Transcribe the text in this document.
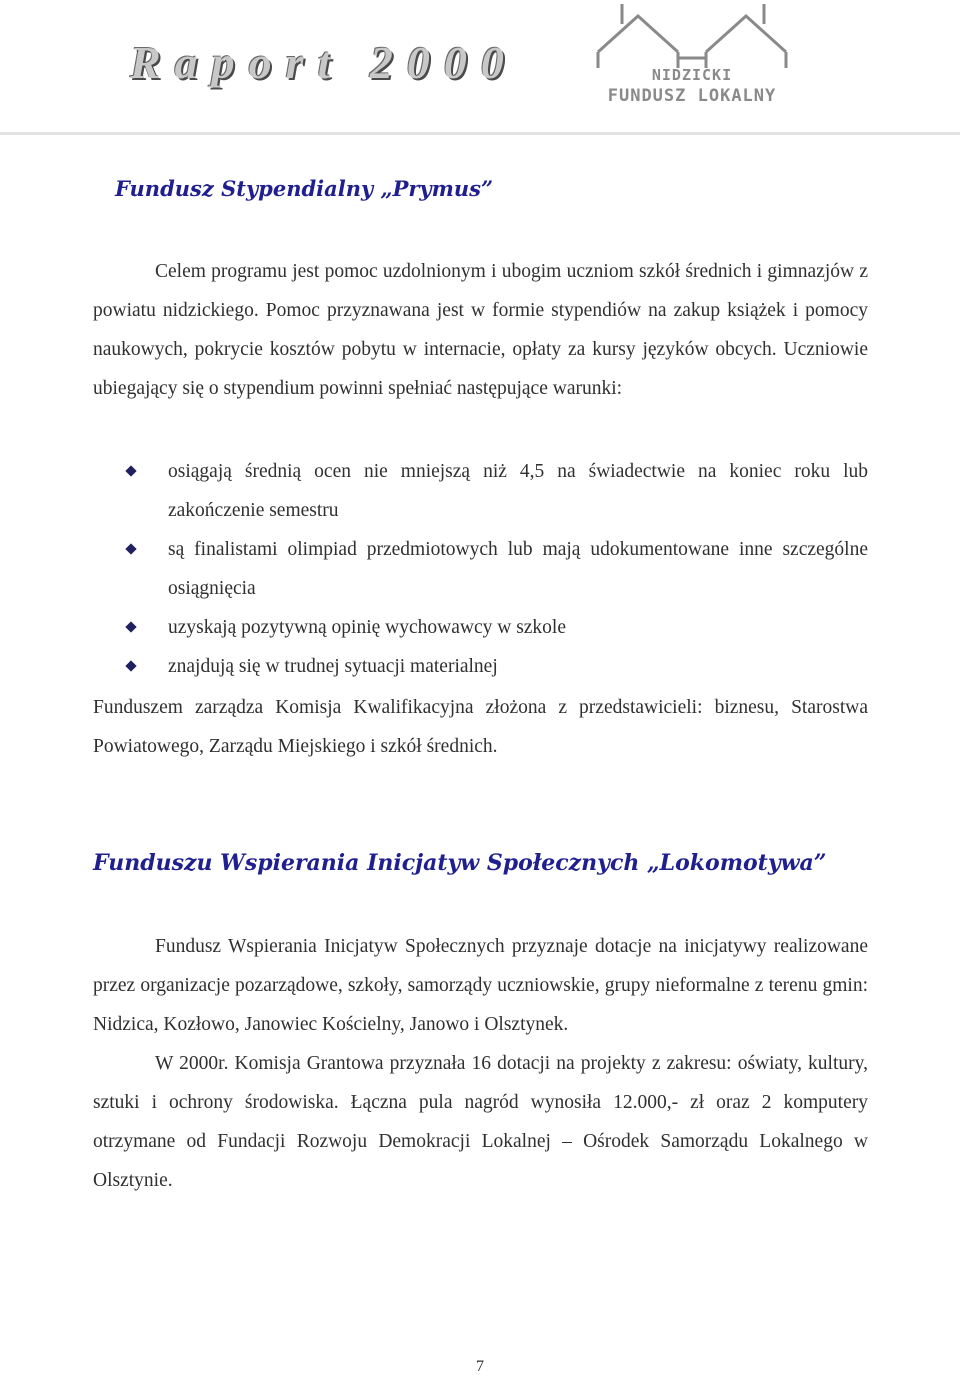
Raport 2000	NIDZICKI
FUNDUSZ LOKALNY
Fundusz Stypendialny „Prymus”

Celem programu jest pomoc uzdolnionym i ubogim uczniom szkół średnich i gimnazjów z powiatu nidzickiego. Pomoc przyznawana jest w formie stypendiów na zakup książek i pomocy naukowych, pokrycie kosztów pobytu w internacie, opłaty za kursy języków obcych. Uczniowie ubiegający się o stypendium powinni spełniać następujące warunki:

osiągają średnią ocen nie mniejszą niż 4,5 na świadectwie na koniec roku lub zakończenie semestru
są finalistami olimpiad przedmiotowych lub mają udokumentowane inne szczególne osiągnięcia
uzyskają pozytywną opinię wychowawcy w szkole
znajdują się w trudnej sytuacji materialnej

Funduszem zarządza Komisja Kwalifikacyjna złożona z przedstawicieli: biznesu, Starostwa Powiatowego, Zarządu Miejskiego i szkół średnich.

Funduszu Wspierania Inicjatyw Społecznych „Lokomotywa”

Fundusz Wspierania Inicjatyw Społecznych przyznaje dotacje na inicjatywy realizowane przez organizacje pozarządowe, szkoły, samorządy uczniowskie, grupy nieformalne z terenu gmin: Nidzica, Kozłowo, Janowiec Kościelny, Janowo i Olsztynek.

W 2000r. Komisja Grantowa przyznała 16 dotacji na projekty z zakresu: oświaty, kultury, sztuki i ochrony środowiska. Łączna pula nagród wynosiła 12.000,- zł oraz 2 komputery otrzymane od Fundacji Rozwoju Demokracji Lokalnej – Ośrodek Samorządu Lokalnego w Olsztynie.

7
